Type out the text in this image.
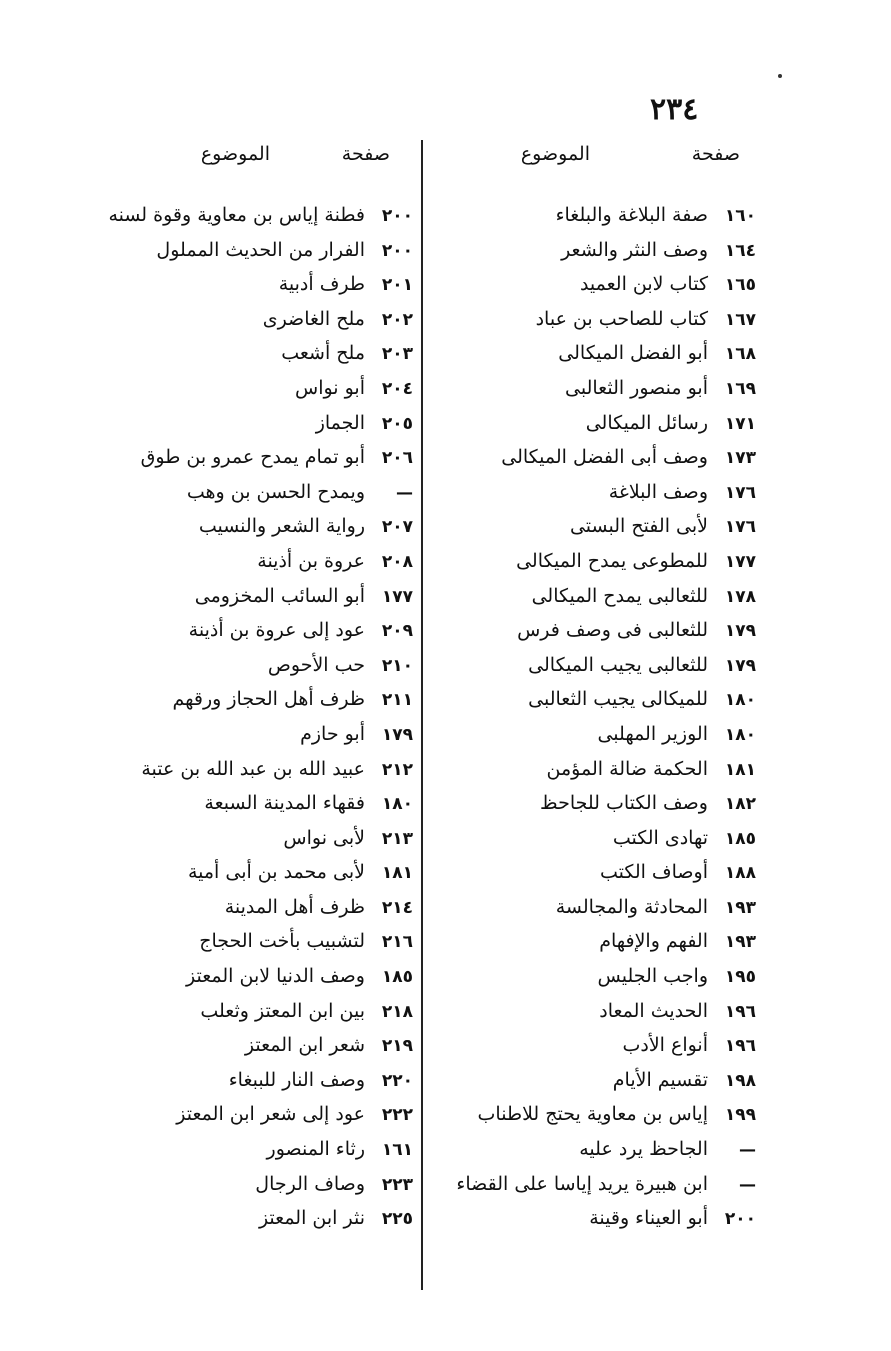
٢٣٤
صفحة
الموضوع
صفحة
الموضوع
١٦٠صفة البلاغة والبلغاء
١٦٤وصف النثر والشعر
١٦٥كتاب لابن العميد
١٦٧كتاب للصاحب بن عباد
١٦٨أبو الفضل الميكالى
١٦٩أبو منصور الثعالبى
١٧١رسائل الميكالى
١٧٣وصف أبى الفضل الميكالى
١٧٦وصف البلاغة
١٧٦لأبى الفتح البستى
١٧٧للمطوعى يمدح الميكالى
١٧٨للثعالبى يمدح الميكالى
١٧٩للثعالبى فى وصف فرس
١٧٩للثعالبى يجيب الميكالى
١٨٠للميكالى يجيب الثعالبى
١٨٠الوزير المهلبى
١٨١الحكمة ضالة المؤمن
١٨٢وصف الكتاب للجاحظ
١٨٥تهادى الكتب
١٨٨أوصاف الكتب
١٩٣المحادثة والمجالسة
١٩٣الفهم والإفهام
١٩٥واجب الجليس
١٩٦الحديث المعاد
١٩٦أنواع الأدب
١٩٨تقسيم الأيام
١٩٩إياس بن معاوية يحتج للاطناب
—الجاحظ يرد عليه
—ابن هبيرة يريد إياسا على القضاء
٢٠٠أبو العيناء وقينة
٢٠٠فطنة إياس بن معاوية وقوة لسنه
٢٠٠الفرار من الحديث المملول
٢٠١طرف أدبية
٢٠٢ملح الغاضرى
٢٠٣ملح أشعب
٢٠٤أبو نواس
٢٠٥الجماز
٢٠٦أبو تمام يمدح عمرو بن طوق
—ويمدح الحسن بن وهب
٢٠٧رواية الشعر والنسيب
٢٠٨عروة بن أذينة
١٧٧أبو السائب المخزومى
٢٠٩عود إلى عروة بن أذينة
٢١٠حب الأحوص
٢١١ظرف أهل الحجاز ورقهم
١٧٩أبو حازم
٢١٢عبيد الله بن عبد الله بن عتبة
١٨٠فقهاء المدينة السبعة
٢١٣لأبى نواس
١٨١لأبى محمد بن أبى أمية
٢١٤ظرف أهل المدينة
٢١٦لتشبيب بأخت الحجاج
١٨٥وصف الدنيا لابن المعتز
٢١٨بين ابن المعتز وثعلب
٢١٩شعر ابن المعتز
٢٢٠وصف النار للببغاء
٢٢٢عود إلى شعر ابن المعتز
١٦١رثاء المنصور
٢٢٣وصاف الرجال
٢٢٥نثر ابن المعتز
